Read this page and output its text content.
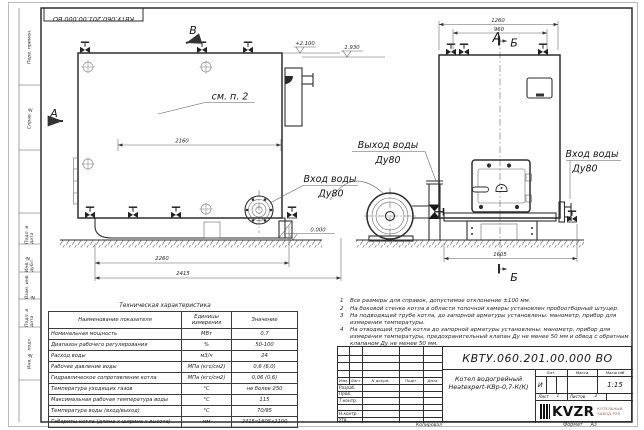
КВТУ.060.201.00.000 ВО
2160
2260
2415
+2.100
1.930
0.000
см. п. 2
А
В
Вход воды
Ду80
Выход воды
Ду80
А
1260
960
1605
Б
Б
Вход воды
Ду80
Перв. примен.
Справ. №
Подп. и дата
Инв. № дубл.
Взам. инв. №
Подп. и дата
Инв. № подл.
Техническая характеристика
Наименование показателя	Единицы измерения	Значение
Номинальная мощность	МВт	0,7
Диапазон рабочего регулирования	%	50-100
Расход воды	м3/ч	24
Рабочее давление воды	МПа (кгс/см2)	0,6 (6,0)
Гидравлическое сопротивление котла	МПа (кгс/см2)	0,06 (0,6)
Температура уходящих газов	°С	не более 250
Максимальная рабочая температура воды	°С	115
Температура воды (вход/выход)	°С	70/95
Габариты котла (длина х ширина х высота)	мм	2415х1605х2100
1	Все размеры для справок, допустимое отклонение ±100 мм.
2	На боковой стенке котла в области топочной камеры установлен пробоотборный штуцер.
3	На подводящей трубе котла, до запорной арматуры установлены: манометр, прибор для измерения температуры.
4	На отводящей трубе котла до запорной арматуры установлены: манометр, прибор для измерения температуры, предохранительный клапан Ду не менее 50 мм и обвод с обратным клапаном Ду не менее 50 мм.
КВТУ.060.201.00.000 ВО
Котел водогрейный
Heatexpert-КВр-0,7-К(К)
Изм. Лист	N докум.	Подп.	Дата
Разраб.
Пров.
Т.контр.
Н.контр.
Утв.
Лит.	Масса	Масштаб
И	1:15
Лист	1	Листов	2
KVZR КОТЕЛЬНЫЙ
ЗАВОД РЭП
Копировал	Формат А3
